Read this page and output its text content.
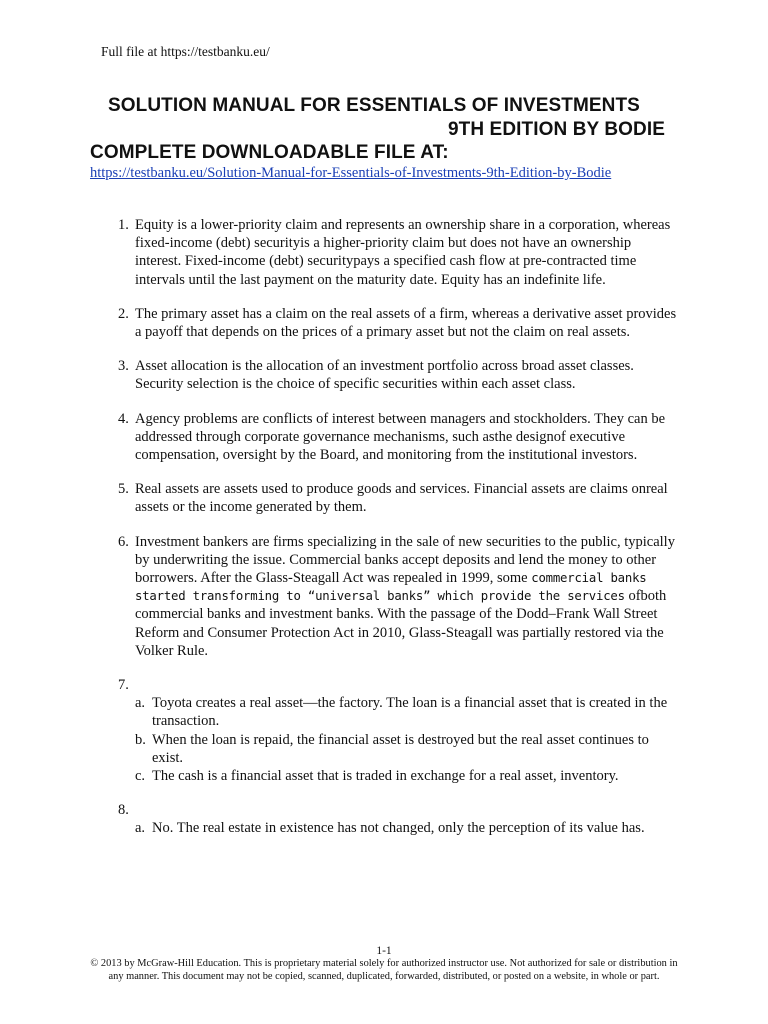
Full file at https://testbanku.eu/
SOLUTION MANUAL FOR ESSENTIALS OF INVESTMENTS
9TH EDITION BY BODIE
COMPLETE DOWNLOADABLE FILE AT:
https://testbanku.eu/Solution-Manual-for-Essentials-of-Investments-9th-Edition-by-Bodie
1. Equity is a lower-priority claim and represents an ownership share in a corporation, whereas fixed-income (debt) securityis a higher-priority claim but does not have an ownership interest. Fixed-income (debt) securitypays a specified cash flow at pre-contracted time intervals until the last payment on the maturity date. Equity has an indefinite life.
2. The primary asset has a claim on the real assets of a firm, whereas a derivative asset provides a payoff that depends on the prices of a primary asset but not the claim on real assets.
3. Asset allocation is the allocation of an investment portfolio across broad asset classes. Security selection is the choice of specific securities within each asset class.
4. Agency problems are conflicts of interest between managers and stockholders. They can be addressed through corporate governance mechanisms, such asthe designof executive compensation, oversight by the Board, and monitoring from the institutional investors.
5. Real assets are assets used to produce goods and services. Financial assets are claims onreal assets or the income generated by them.
6. Investment bankers are firms specializing in the sale of new securities to the public, typically by underwriting the issue. Commercial banks accept deposits and lend the money to other borrowers. After the Glass-Steagall Act was repealed in 1999, some commercial banks started transforming to “universal banks” which provide the services ofboth commercial banks and investment banks. With the passage of the Dodd–Frank Wall Street Reform and Consumer Protection Act in 2010, Glass-Steagall was partially restored via the Volker Rule.
7.

a. Toyota creates a real asset—the factory. The loan is a financial asset that is created in the transaction.
b. When the loan is repaid, the financial asset is destroyed but the real asset continues to exist.
c. The cash is a financial asset that is traded in exchange for a real asset, inventory.
8.

a. No. The real estate in existence has not changed, only the perception of its value has.
1-1
© 2013 by McGraw-Hill Education. This is proprietary material solely for authorized instructor use. Not authorized for sale or distribution in any manner. This document may not be copied, scanned, duplicated, forwarded, distributed, or posted on a website, in whole or part.
